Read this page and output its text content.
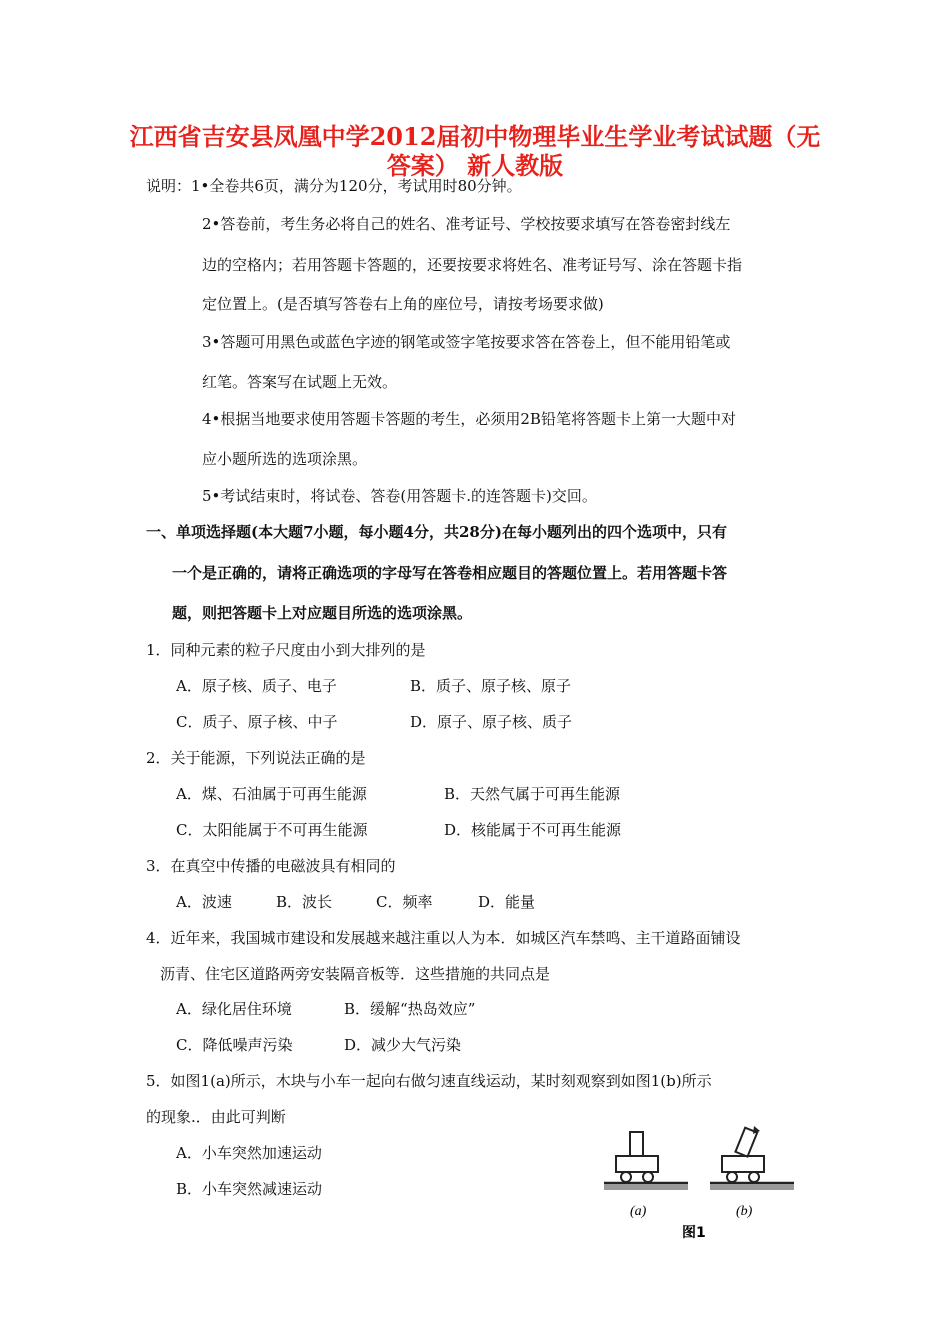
江西省吉安县凤凰中学2012届初中物理毕业生学业考试试题（无答案） 新人教版
说明：1•全卷共6页，满分为120分，考试用时80分钟。
2•答卷前，考生务必将自己的姓名、准考证号、学校按要求填写在答卷密封线左
边的空格内；若用答题卡答题的，还要按要求将姓名、准考证号写、涂在答题卡指
定位置上。(是否填写答卷右上角的座位号，请按考场要求做)
3•答题可用黑色或蓝色字迹的钢笔或签字笔按要求答在答卷上，但不能用铅笔或
红笔。答案写在试题上无效。
4•根据当地要求使用答题卡答题的考生，必须用2B铅笔将答题卡上第一大题中对
应小题所选的选项涂黑。
5•考试结束时，将试卷、答卷(用答题卡.的连答题卡)交回。
一、单项选择题(本大题7小题，每小题4分，共28分)在每小题列出的四个选项中，只有
一个是正确的，请将正确选项的字母写在答卷相应题目的答题位置上。若用答题卡答
题，则把答题卡上对应题目所选的选项涂黑。
1．同种元素的粒子尺度由小到大排列的是
A．原子核、质子、电子	B．质子、原子核、原子
C．质子、原子核、中子	D．原子、原子核、质子
2．关于能源，下列说法正确的是
A．煤、石油属于可再生能源	B．天然气属于可再生能源
C．太阳能属于不可再生能源	D．核能属于不可再生能源
3．在真空中传播的电磁波具有相同的
A．波速	B．波长	C．频率	D．能量
4．近年来，我国城市建设和发展越来越注重以人为本．如城区汽车禁鸣、主干道路面铺设
沥青、住宅区道路两旁安装隔音板等．这些措施的共同点是
A．绿化居住环境	B．缓解“热岛效应”
C．降低噪声污染	D．减少大气污染
5．如图1(a)所示，木块与小车一起向右做匀速直线运动，某时刻观察到如图1(b)所示
的现象.．由此可判断
A．小车突然加速运动
B．小车突然减速运动
(a)	(b)
图1
